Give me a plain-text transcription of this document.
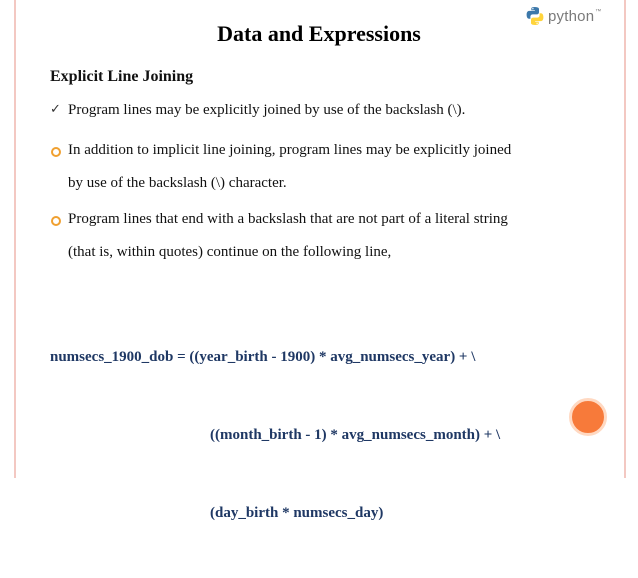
python ™
Data and Expressions
Explicit Line Joining
✓ Program lines may be explicitly joined by use of the backslash (\).
In addition to implicit line joining, program lines may be explicitly joined
by use of the backslash (\) character.
Program lines that end with a backslash that are not part of a literal string
(that is, within quotes) continue on the following line,

numsecs_1900_dob = ((year_birth - 1900) * avg_numsecs_year) + \

((month_birth - 1) * avg_numsecs_month) + \

(day_birth * numsecs_day)
